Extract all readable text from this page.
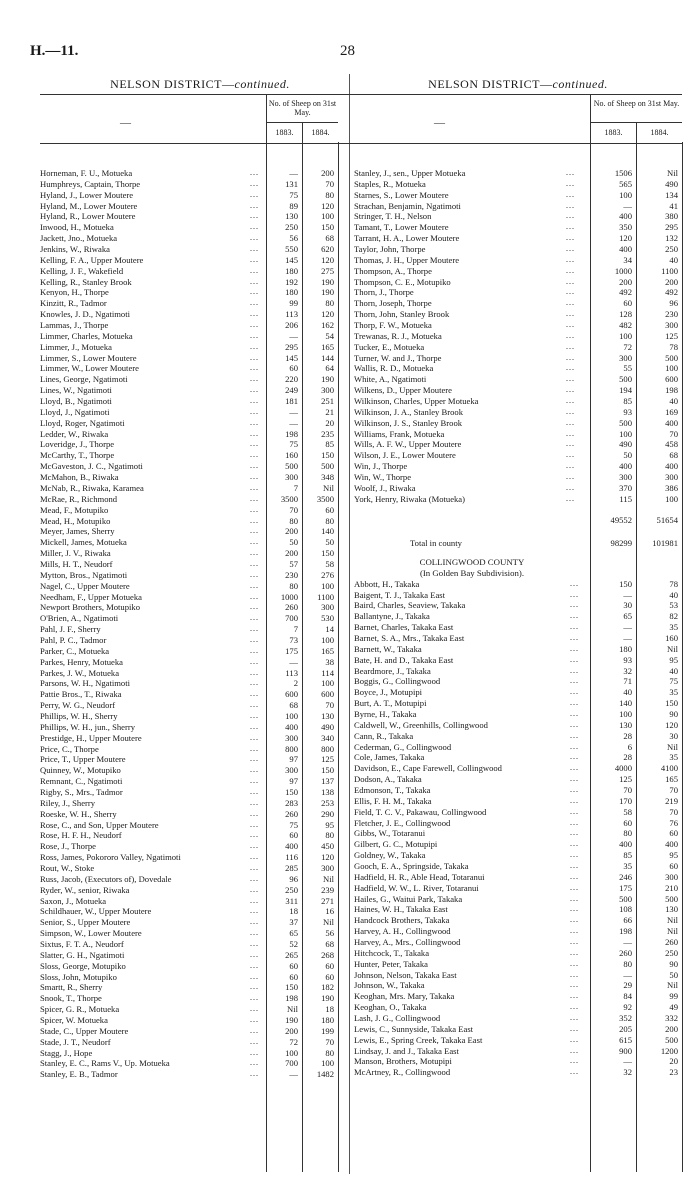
H.—11.	28
NELSON DISTRICT—continued.
—
No. of Sheep on 31st May.
1883.	1884.
Horneman, F. U., Motueka	...	—	200
Humphreys, Captain, Thorpe	...	131	70
Hyland, J., Lower Moutere	...	75	80
Hyland, M., Lower Moutere	...	89	120
Hyland, R., Lower Moutere	...	130	100
Inwood, H., Motueka	...	250	150
Jackett, Jno., Motueka	...	56	68
Jenkins, W., Riwaka	...	550	620
Kelling, F. A., Upper Moutere	...	145	120
Kelling, J. F., Wakefield	...	180	275
Kelling, R., Stanley Brook	...	192	190
Kenyon, H., Thorpe	...	180	190
Kinzitt, R., Tadmor	...	99	80
Knowles, J. D., Ngatimoti	...	113	120
Lammas, J., Thorpe	...	206	162
Limmer, Charles, Motueka	...	—	54
Limmer, J., Motueka	...	295	165
Limmer, S., Lower Moutere	...	145	144
Limmer, W., Lower Moutere	...	60	64
Lines, George, Ngatimoti	...	220	190
Lines, W., Ngatimoti	...	249	300
Lloyd, B., Ngatimoti	...	181	251
Lloyd, J., Ngatimoti	...	—	21
Lloyd, Roger, Ngatimoti	...	—	20
Ledder, W., Riwaka	...	198	235
Loveridge, J., Thorpe	...	75	85
McCarthy, T., Thorpe	...	160	150
McGaveston, J. C., Ngatimoti	...	500	500
McMahon, B., Riwaka	...	300	348
McNab, R., Riwaka, Karamea	...	7	Nil
McRae, R., Richmond	...	3500	3500
Mead, F., Motupiko	...	70	60
Mead, H., Motupiko	...	80	80
Meyer, James, Sherry	...	200	140
Mickell, James, Motueka	...	50	50
Miller, J. V., Riwaka	...	200	150
Mills, H. T., Neudorf	...	57	58
Mytton, Bros., Ngatimoti	...	230	276
Nagel, C., Upper Moutere	...	80	100
Needham, F., Upper Motueka	...	1000	1100
Newport Brothers, Motupiko	...	260	300
O'Brien, A., Ngatimoti	...	700	530
Pahl, J. F., Sherry	...	7	14
Pahl, P. C., Tadmor	...	73	100
Parker, C., Motueka	...	175	165
Parkes, Henry, Motueka	...	—	38
Parkes, J. W., Motueka	...	113	114
Parsons, W. H., Ngatimoti	...	2	100
Pattie Bros., T., Riwaka	...	600	600
Perry, W. G., Neudorf	...	68	70
Phillips, W. H., Sherry	...	100	130
Phillips, W. H., jun., Sherry	...	400	490
Prestidge, H., Upper Moutere	...	300	340
Price, C., Thorpe	...	800	800
Price, T., Upper Moutere	...	97	125
Quinney, W., Motupiko	...	300	150
Remnant, C., Ngatimoti	...	97	137
Rigby, S., Mrs., Tadmor	...	150	138
Riley, J., Sherry	...	283	253
Roeske, W. H., Sherry	...	260	290
Rose, C., and Son, Upper Moutere	...	75	95
Rose, H. F. H., Neudorf	...	60	80
Rose, J., Thorpe	...	400	450
Ross, James, Pokororo Valley, Ngatimoti	...	116	120
Rout, W., Stoke	...	285	300
Russ, Jacob, (Executors of), Dovedale	...	96	Nil
Ryder, W., senior, Riwaka	...	250	239
Saxon, J., Motueka	...	311	271
Schildhauer, W., Upper Moutere	...	18	16
Senior, S., Upper Moutere	...	37	Nil
Simpson, W., Lower Moutere	...	65	56
Sixtus, F. T. A., Neudorf	...	52	68
Slatter, G. H., Ngatimoti	...	265	268
Sloss, George, Motupiko	...	60	60
Sloss, John, Motupiko	...	60	60
Smartt, R., Sherry	...	150	182
Snook, T., Thorpe	...	198	190
Spicer, G. R., Motueka	...	Nil	18
Spicer, W. Motueka	...	190	180
Stade, C., Upper Moutere	...	200	199
Stade, J. T., Neudorf	...	72	70
Stagg, J., Hope	...	100	80
Stanley, E. C., Rams V., Up. Motueka	...	700	100
Stanley, E. B., Tadmor	...	—	1482
NELSON DISTRICT—continued.
—
No. of Sheep on 31st May.
1883.	1884.
Stanley, J., sen., Upper Motueka	...	1506	Nil
Staples, R., Motueka	...	565	490
Starnes, S., Lower Moutere	...	100	134
Strachan, Benjamin, Ngatimoti	...	—	41
Stringer, T. H., Nelson	...	400	380
Tamant, T., Lower Moutere	...	350	295
Tarrant, H. A., Lower Moutere	...	120	132
Taylor, John, Thorpe	...	400	250
Thomas, J. H., Upper Moutere	...	34	40
Thompson, A., Thorpe	...	1000	1100
Thompson, C. E., Motupiko	...	200	200
Thorn, J., Thorpe	...	492	492
Thorn, Joseph, Thorpe	...	60	96
Thorn, John, Stanley Brook	...	128	230
Thorp, F. W., Motueka	...	482	300
Trewanas, R. J., Motueka	...	100	125
Tucker, E., Motueka	...	72	78
Turner, W. and J., Thorpe	...	300	500
Wallis, R. D., Motueka	...	55	100
White, A., Ngatimoti	...	500	600
Wilkens, D., Upper Moutere	...	194	198
Wilkinson, Charles, Upper Motueka	...	85	40
Wilkinson, J. A., Stanley Brook	...	93	169
Wilkinson, J. S., Stanley Brook	...	500	400
Williams, Frank, Motueka	...	100	70
Wills, A. F. W., Upper Moutere	...	490	458
Wilson, J. E., Lower Moutere	...	50	68
Win, J., Thorpe	...	400	400
Win, W., Thorpe	...	300	300
Woolf, J., Riwaka	...	370	386
York, Henry, Riwaka (Motueka)	...	115	100
49552	51654
Total in county	98299	101981
COLLINGWOOD COUNTY
(In Golden Bay Subdivision).
Abbott, H., Takaka	...	150	78
Baigent, T. J., Takaka East	...	—	40
Baird, Charles, Seaview, Takaka	...	30	53
Ballantyne, J., Takaka	...	65	82
Barnet, Charles, Takaka East	...	—	35
Barnet, S. A., Mrs., Takaka East	...	—	160
Barnett, W., Takaka	...	180	Nil
Bate, H. and D., Takaka East	...	93	95
Beardmore, J., Takaka	...	32	40
Boggis, G., Collingwood	...	71	75
Boyce, J., Motupipi	...	40	35
Burt, A. T., Motupipi	...	140	150
Byrne, H., Takaka	...	100	90
Caldwell, W., Greenhills, Collingwood	...	130	120
Cann, R., Takaka	...	28	30
Cederman, G., Collingwood	...	6	Nil
Cole, James, Takaka	...	28	35
Davidson, E., Cape Farewell, Collingwood	...	4000	4100
Dodson, A., Takaka	...	125	165
Edmonson, T., Takaka	...	70	70
Ellis, F. H. M., Takaka	...	170	219
Field, T. C. V., Pakawau, Collingwood	...	58	70
Fletcher, J. E., Collingwood	...	60	76
Gibbs, W., Totaranui	...	80	60
Gilbert, G. C., Motupipi	...	400	400
Goldney, W., Takaka	...	85	95
Gooch, E. A., Springside, Takaka	...	35	60
Hadfield, H. R., Able Head, Totaranui	...	246	300
Hadfield, W. W., L. River, Totaranui	...	175	210
Hailes, G., Waitui Park, Takaka	...	500	500
Haines, W. H., Takaka East	...	108	130
Handcock Brothers, Takaka	...	66	Nil
Harvey, A. H., Collingwood	...	198	Nil
Harvey, A., Mrs., Collingwood	...	—	260
Hitchcock, T., Takaka	...	260	250
Hunter, Peter, Takaka	...	80	90
Johnson, Nelson, Takaka East	...	—	50
Johnson, W., Takaka	...	29	Nil
Keoghan, Mrs. Mary, Takaka	...	84	99
Keoghan, O., Takaka	...	92	49
Lash, J. G., Collingwood	...	352	332
Lewis, C., Sunnyside, Takaka East	...	205	200
Lewis, E., Spring Creek, Takaka East	...	615	500
Lindsay, J. and J., Takaka East	...	900	1200
Manson, Brothers, Motupipi	...	—	20
McArtney, R., Collingwood	...	32	23
